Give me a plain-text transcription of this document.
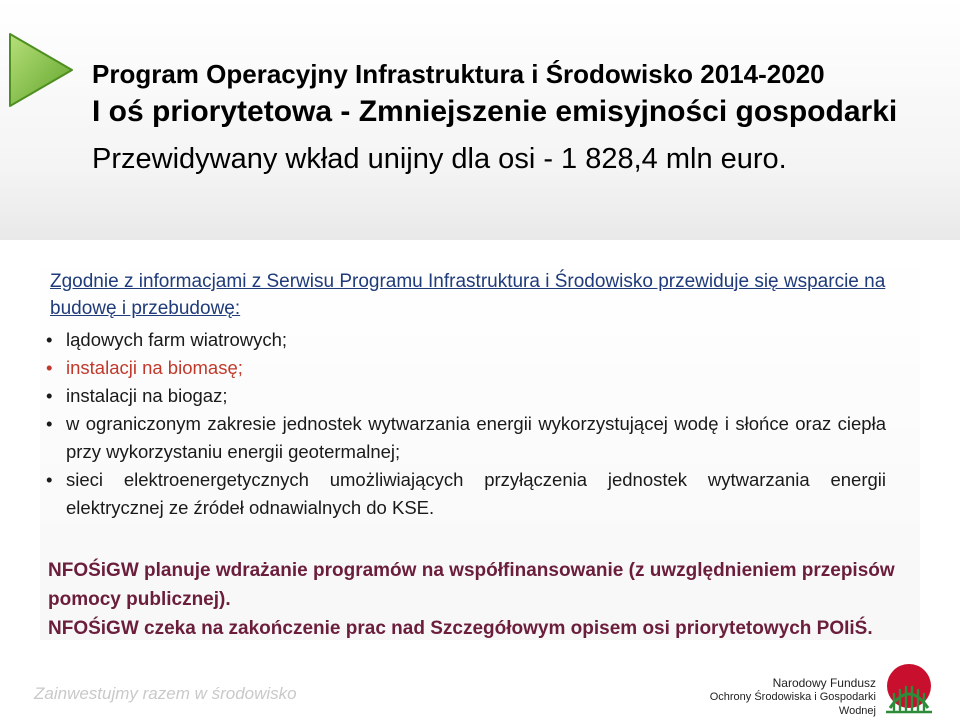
Program Operacyjny Infrastruktura i Środowisko 2014-2020
I oś priorytetowa - Zmniejszenie emisyjności gospodarki
Przewidywany wkład unijny dla osi - 1 828,4 mln euro.
Zgodnie z informacjami z Serwisu Programu Infrastruktura i Środowisko przewiduje się wsparcie na budowę i przebudowę:
• lądowych farm wiatrowych;
• instalacji na biomasę;
• instalacji na biogaz;
• w ograniczonym zakresie jednostek wytwarzania energii wykorzystującej wodę i słońce oraz ciepła przy wykorzystaniu energii geotermalnej;
• sieci elektroenergetycznych umożliwiających przyłączenia jednostek wytwarzania energii elektrycznej ze źródeł odnawialnych do KSE.

NFOŚiGW planuje wdrażanie programów na współfinansowanie (z uwzględnieniem przepisów pomocy publicznej).

NFOŚiGW czeka na zakończenie prac nad Szczegółowym opisem osi priorytetowych POIiŚ.

Zainwestujmy razem w środowisko
Narodowy Fundusz
Ochrony Środowiska i Gospodarki Wodnej
